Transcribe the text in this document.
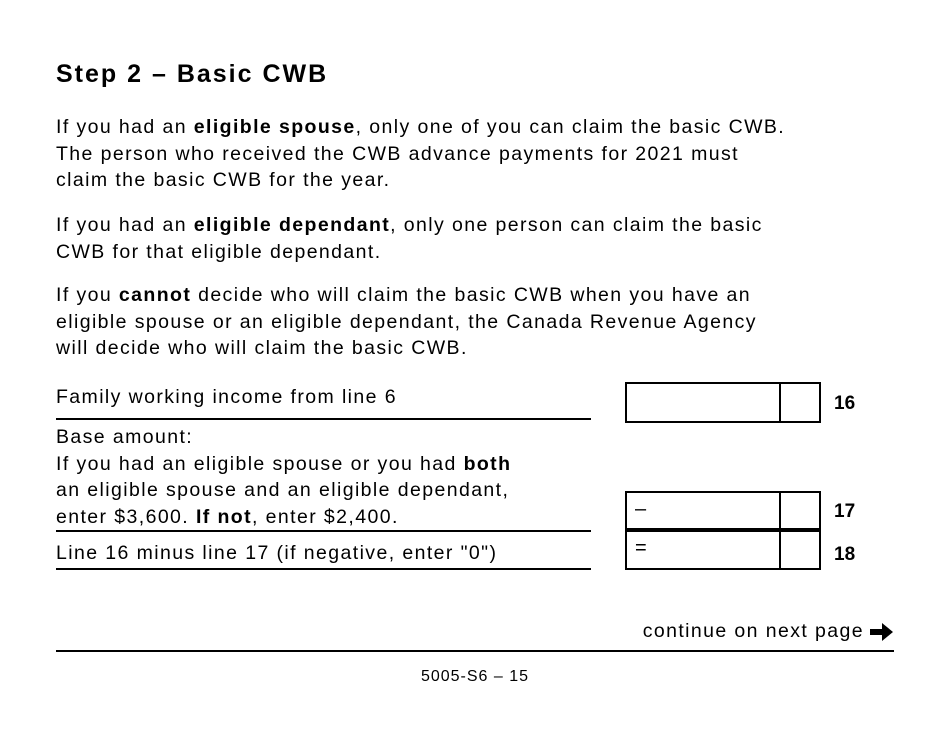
Step 2 – Basic CWB

If you had an eligible spouse, only one of you can claim the basic CWB.
The person who received the CWB advance payments for 2021 must
claim the basic CWB for the year.

If you had an eligible dependant, only one person can claim the basic
CWB for that eligible dependant.

If you cannot decide who will claim the basic CWB when you have an
eligible spouse or an eligible dependant, the Canada Revenue Agency
will decide who will claim the basic CWB.

Family working income from line 6	16
Base amount:
If you had an eligible spouse or you had both
an eligible spouse and an eligible dependant,
enter $3,600. If not, enter $2,400.	–	17
Line 16 minus line 17 (if negative, enter "0")	=	18
continue on next page
5005-S6 – 15
